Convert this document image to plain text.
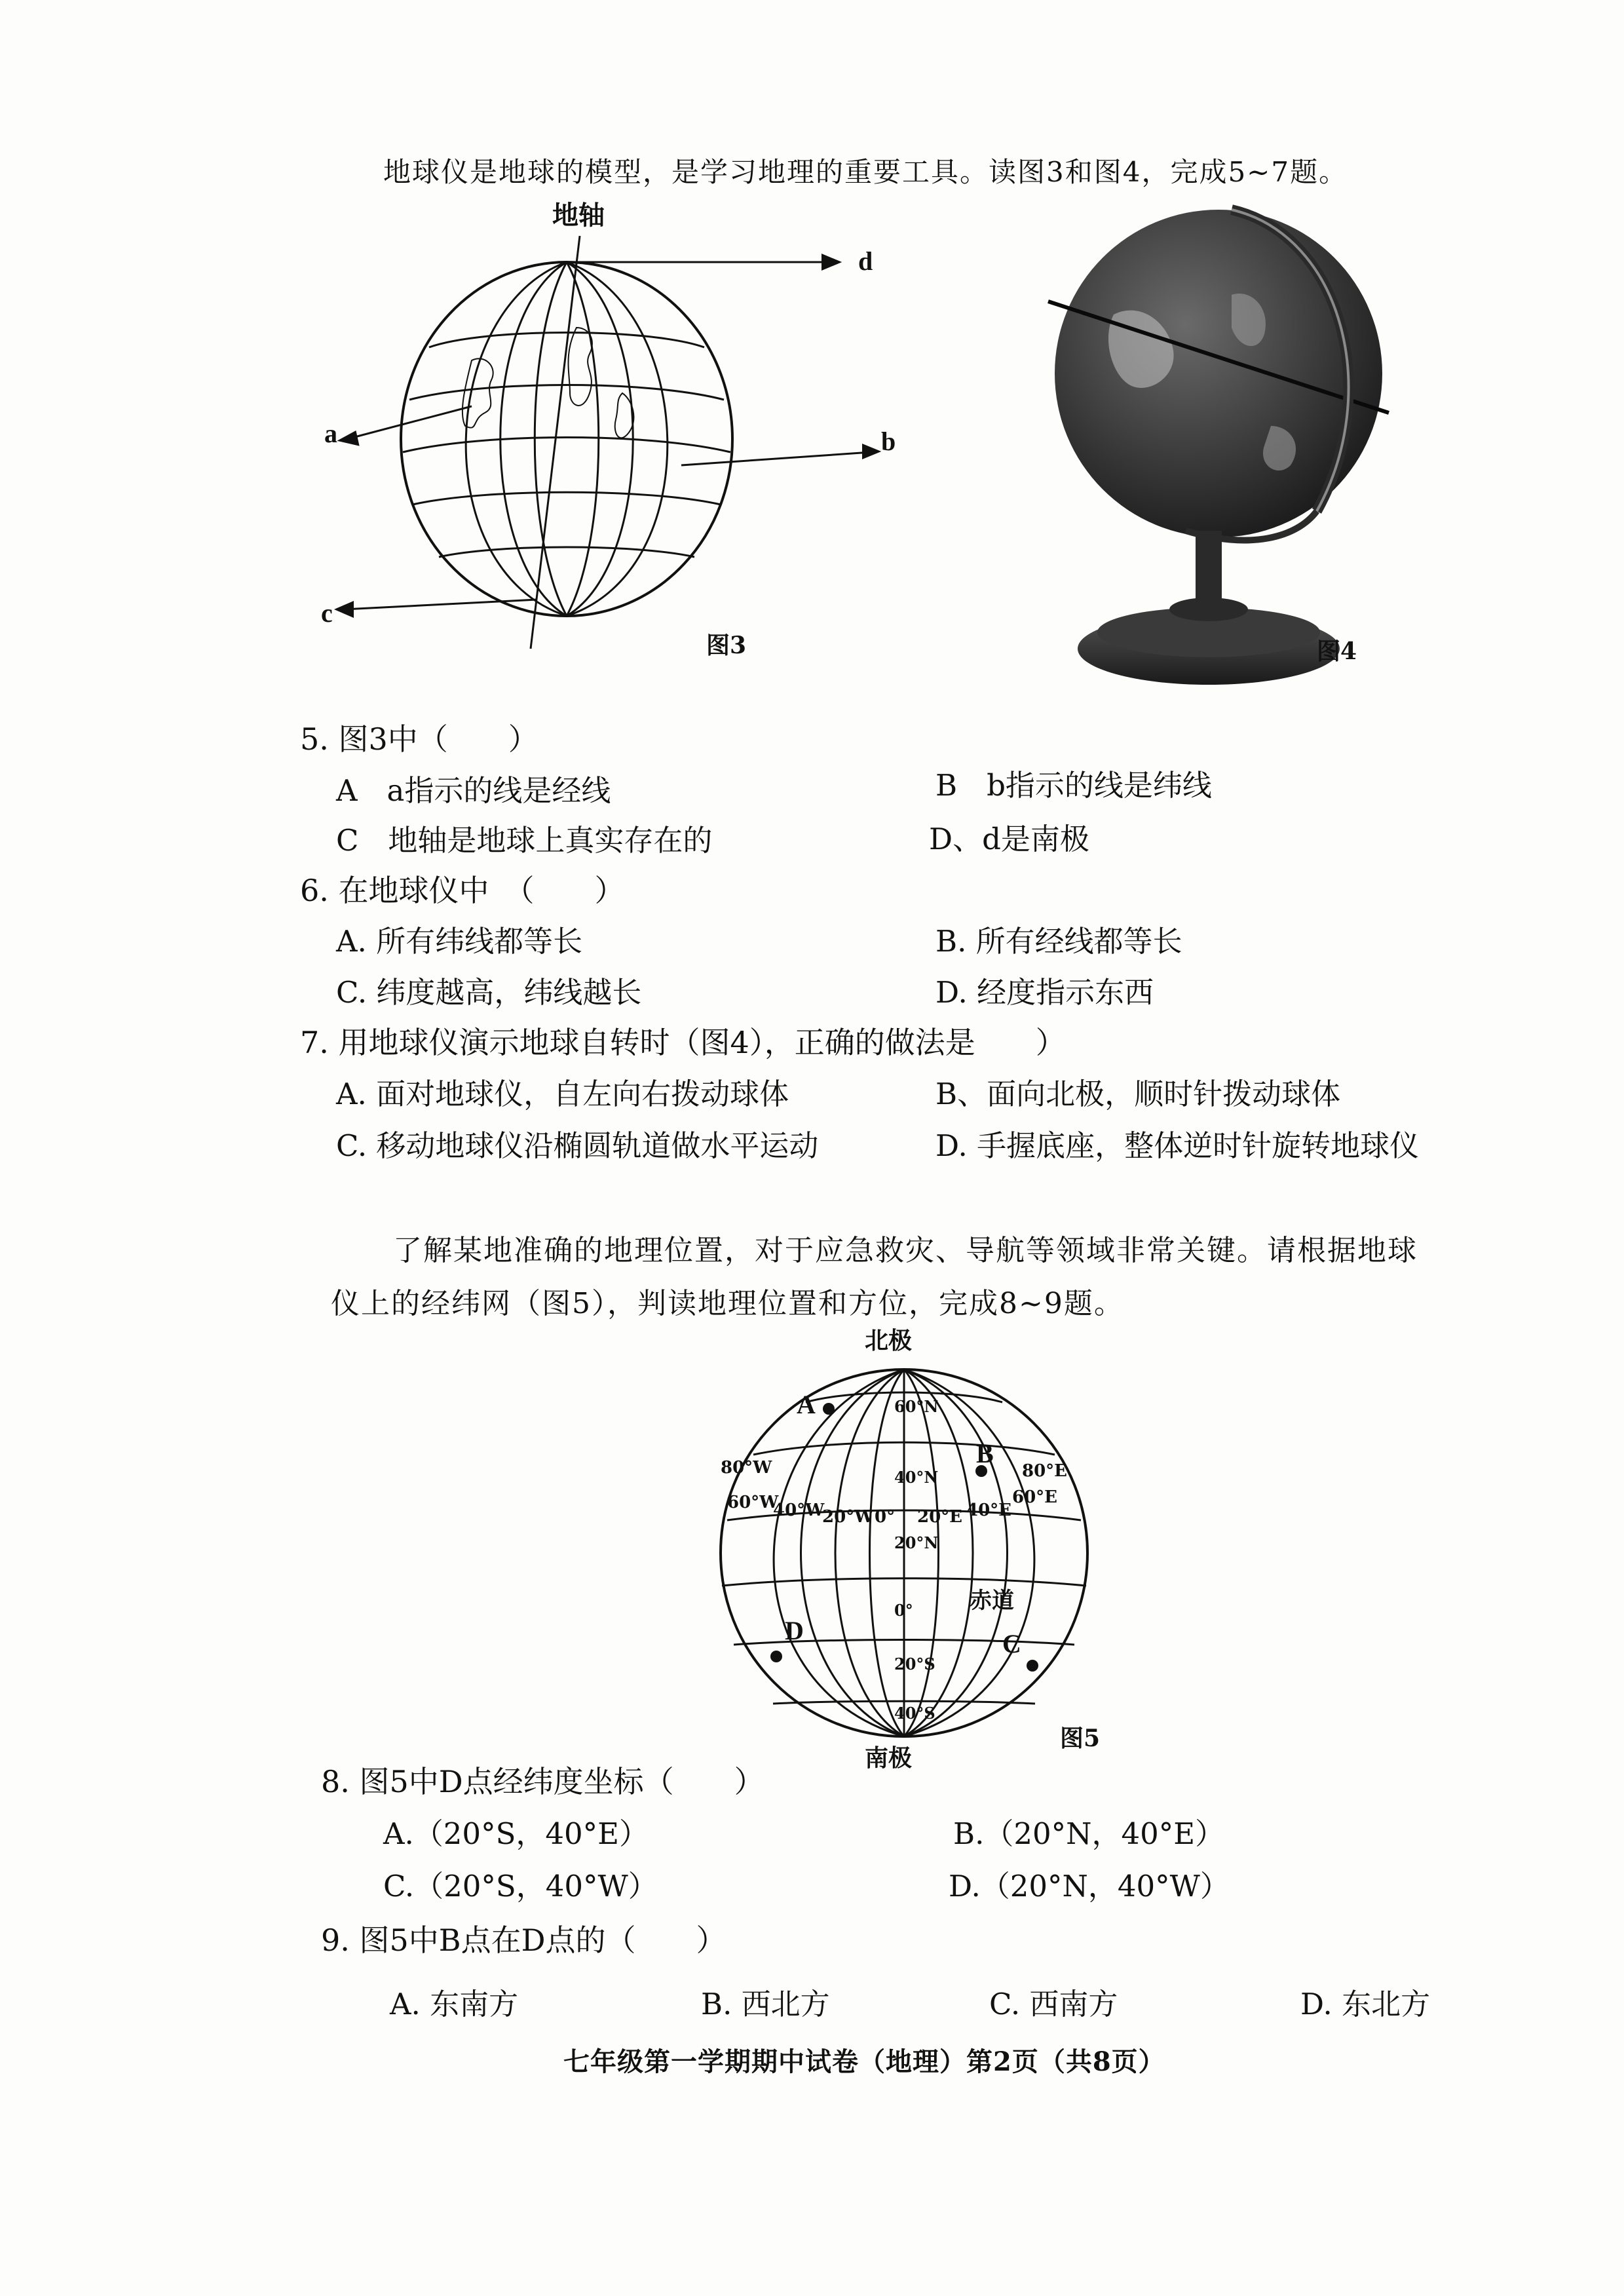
地球仪是地球的模型，是学习地理的重要工具。读图3和图4，完成5~7题。
地轴
d
a	b
c
图3	图4
5. 图3中（　　）
A　a指示的线是经线	B　b指示的线是纬线
C　地轴是地球上真实存在的	D、d是南极
6. 在地球仪中　（　　）
A. 所有纬线都等长	B. 所有经线都等长
C. 纬度越高，纬线越长	D. 经度指示东西
7. 用地球仪演示地球自转时（图4），正确的做法是　　）
A. 面对地球仪，自左向右拨动球体	B、面向北极，顺时针拨动球体
C. 移动地球仪沿椭圆轨道做水平运动	D. 手握底座，整体逆时针旋转地球仪
了解某地准确的地理位置，对于应急救灾、导航等领域非常关键。请根据地球
仪上的经纬网（图5），判读地理位置和方位，完成8~9题。
北极
南极
A
B
C
D
赤道
60°N
40°N
20°N
0°
20°S
40°S
80°W
60°W
40°W
20°W 0° 20°E 40°E
60°E
80°E
图5
8. 图5中D点经纬度坐标（　　）
A.（20°S，40°E）	B.（20°N，40°E）
C.（20°S，40°W）	D.（20°N，40°W）
9. 图5中B点在D点的（　　）
A. 东南方	B. 西北方	C. 西南方	D. 东北方
七年级第一学期期中试卷（地理）第2页（共8页）
